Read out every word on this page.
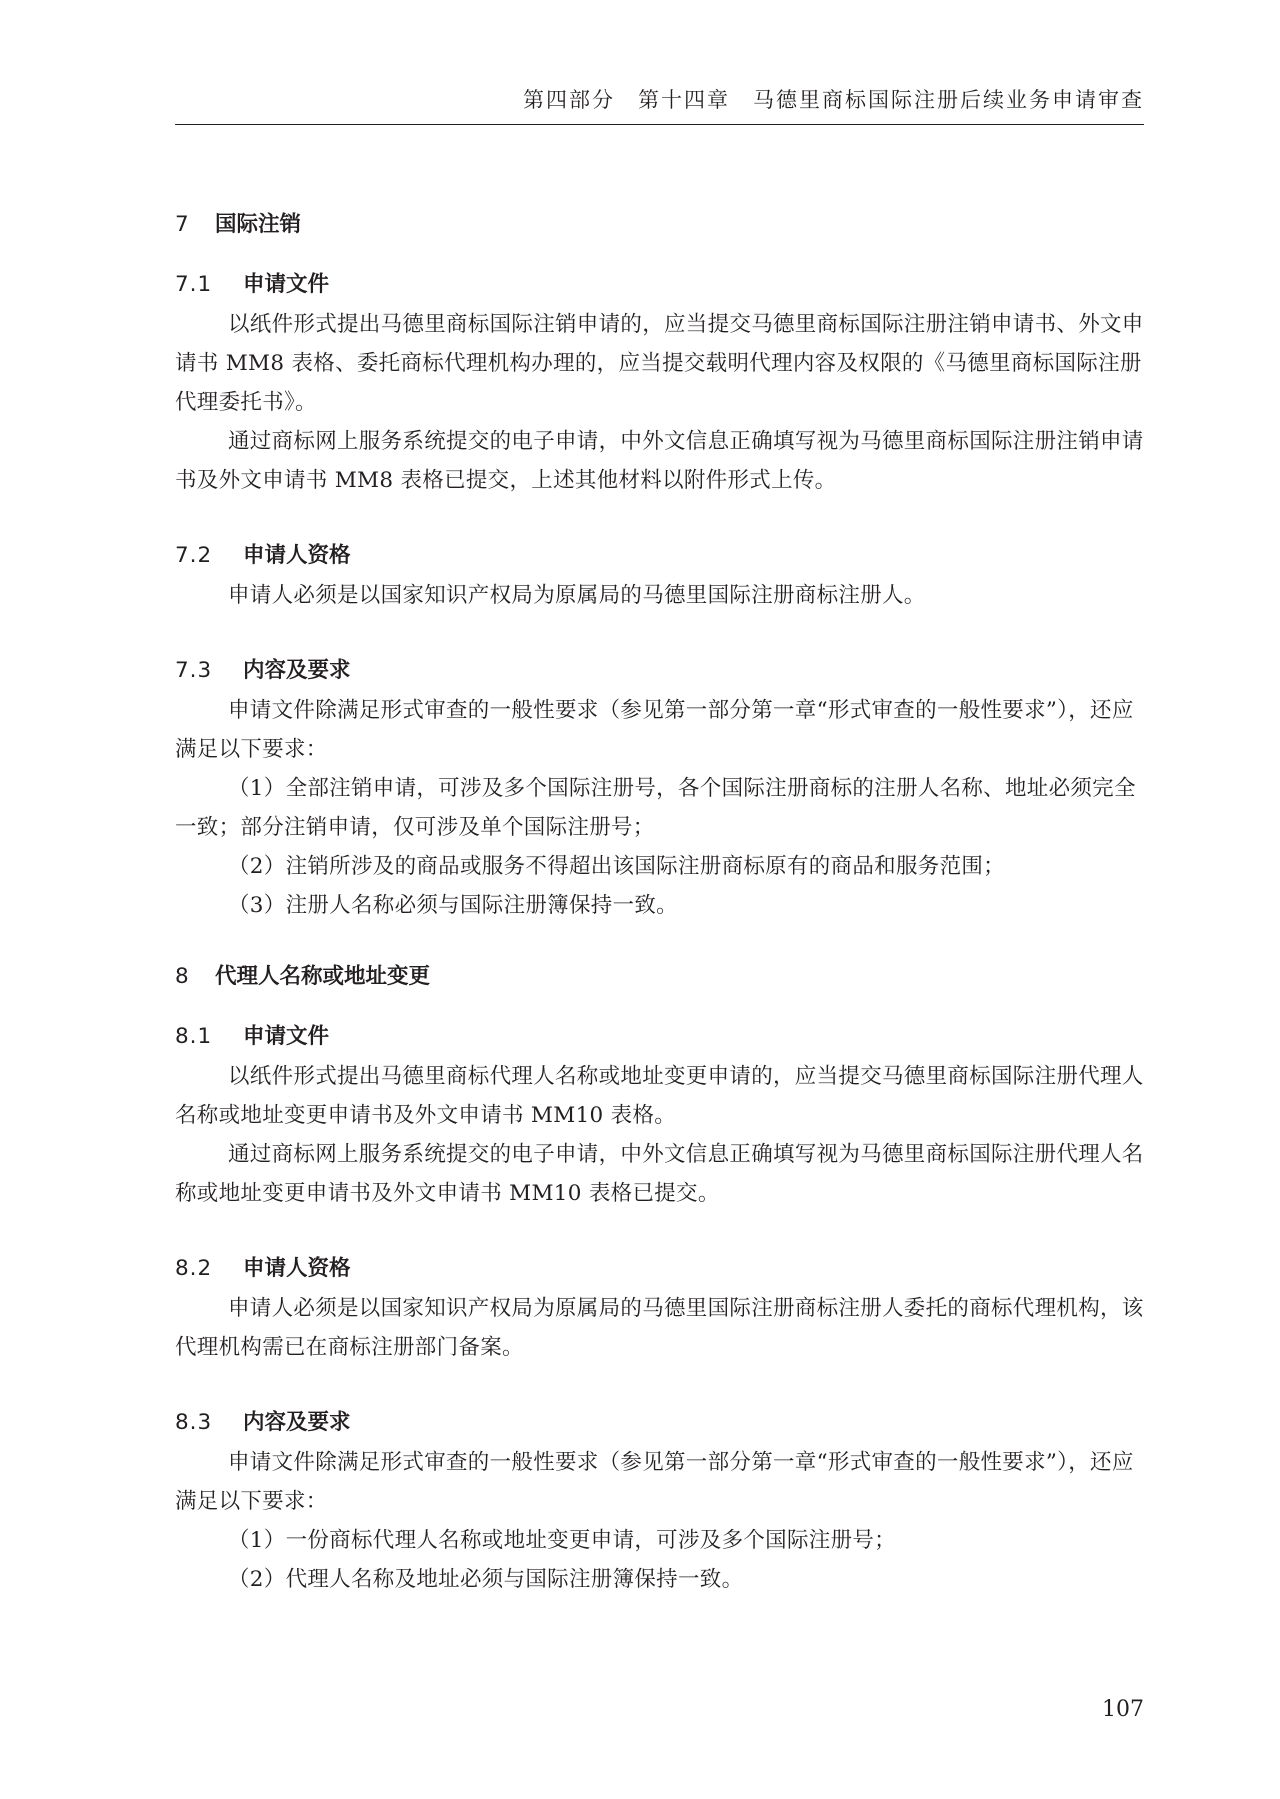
第四部分　第十四章　马德里商标国际注册后续业务申请审查
7 国际注销
7.1 申请文件

以纸件形式提出马德里商标国际注销申请的，应当提交马德里商标国际注册注销申请书、外文申请书 MM8 表格、委托商标代理机构办理的，应当提交载明代理内容及权限的《马德里商标国际注册代理委托书》。

通过商标网上服务系统提交的电子申请，中外文信息正确填写视为马德里商标国际注册注销申请书及外文申请书 MM8 表格已提交，上述其他材料以附件形式上传。

7.2 申请人资格

申请人必须是以国家知识产权局为原属局的马德里国际注册商标注册人。

7.3 内容及要求

申请文件除满足形式审查的一般性要求（参见第一部分第一章“形式审查的一般性要求”），还应满足以下要求：

（1）全部注销申请，可涉及多个国际注册号，各个国际注册商标的注册人名称、地址必须完全一致；部分注销申请，仅可涉及单个国际注册号；

（2）注销所涉及的商品或服务不得超出该国际注册商标原有的商品和服务范围；

（3）注册人名称必须与国际注册簿保持一致。

8 代理人名称或地址变更
8.1 申请文件

以纸件形式提出马德里商标代理人名称或地址变更申请的，应当提交马德里商标国际注册代理人名称或地址变更申请书及外文申请书 MM10 表格。

通过商标网上服务系统提交的电子申请，中外文信息正确填写视为马德里商标国际注册代理人名称或地址变更申请书及外文申请书 MM10 表格已提交。

8.2 申请人资格

申请人必须是以国家知识产权局为原属局的马德里国际注册商标注册人委托的商标代理机构，该代理机构需已在商标注册部门备案。

8.3 内容及要求

申请文件除满足形式审查的一般性要求（参见第一部分第一章“形式审查的一般性要求”），还应满足以下要求：

（1）一份商标代理人名称或地址变更申请，可涉及多个国际注册号；

（2）代理人名称及地址必须与国际注册簿保持一致。

107
